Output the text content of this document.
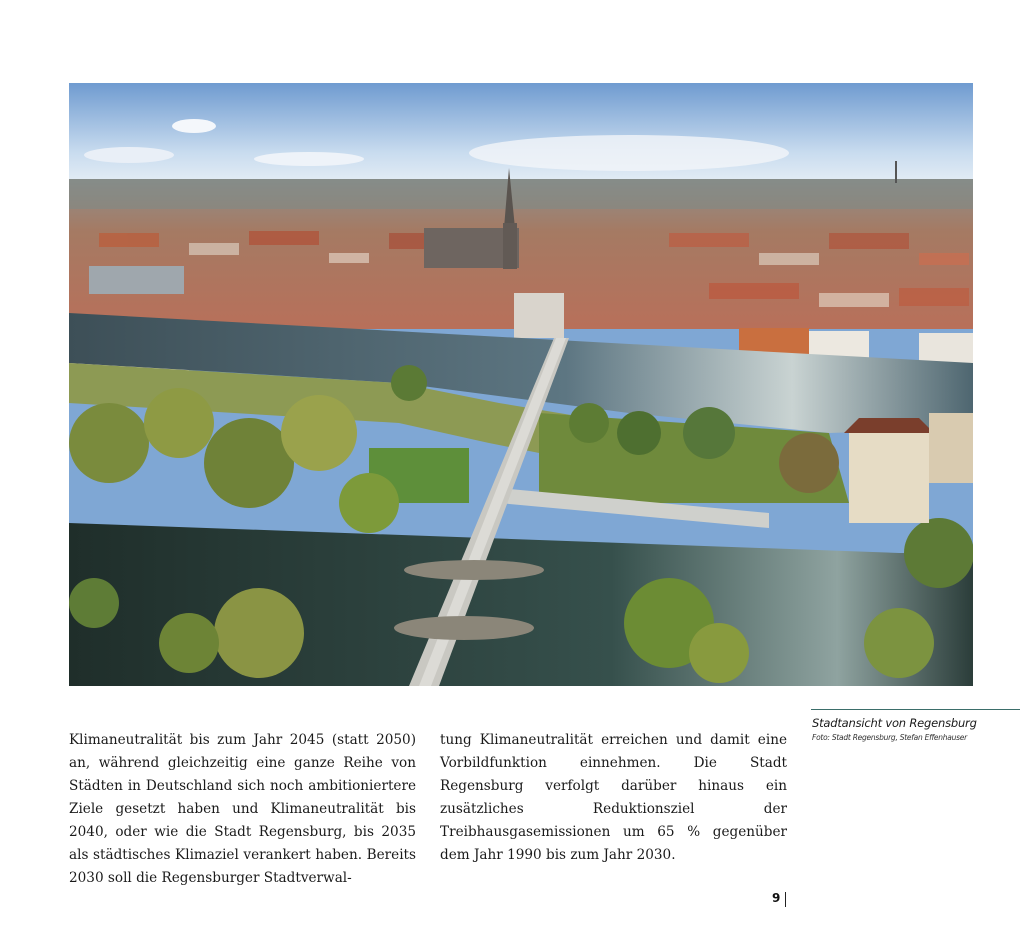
Klimaneutralität bis zum Jahr 2045 (statt 2050) an, während gleichzeitig eine ganze Reihe von Städten in Deutschland sich noch ambitioniertere Ziele gesetzt haben und Klimaneutralität bis 2040, oder wie die Stadt Regensburg, bis 2035 als städtisches Klimaziel verankert haben. Bereits 2030 soll die Regensburger Stadtverwal-

tung Klimaneutralität erreichen und damit eine Vorbildfunktion einnehmen. Die Stadt Regensburg verfolgt darüber hinaus ein zusätzliches Reduktionsziel der Treibhausgasemissionen um 65 % gegenüber dem Jahr 1990 bis zum Jahr 2030.

Stadtansicht von Regensburg
Foto: Stadt Regensburg, Stefan Effenhauser
9
